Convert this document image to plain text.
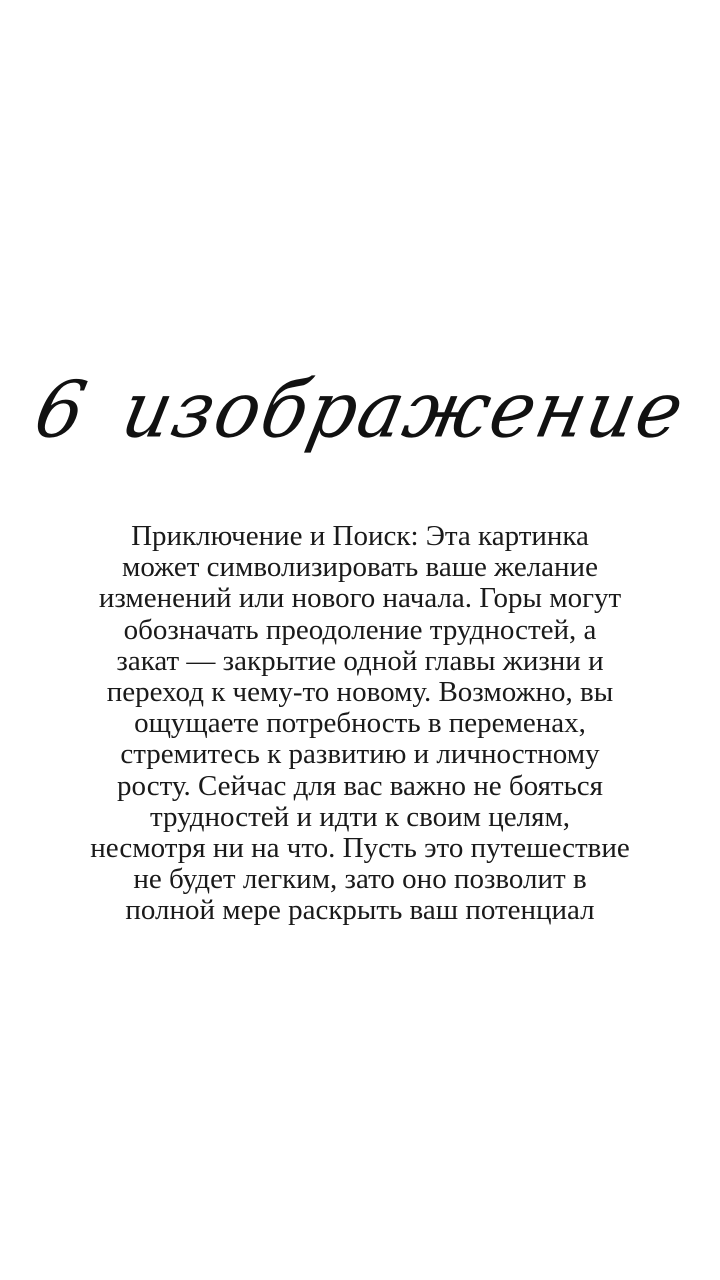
6 изображение

Приключение и Поиск: Эта картинка может символизировать ваше желание изменений или нового начала. Горы могут обозначать преодоление трудностей, а закат — закрытие одной главы жизни и переход к чему-то новому. Возможно, вы ощущаете потребность в переменах, стремитесь к развитию и личностному росту. Сейчас для вас важно не бояться трудностей и идти к своим целям, несмотря ни на что. Пусть это путешествие не будет легким, зато оно позволит в полной мере раскрыть ваш потенциал
